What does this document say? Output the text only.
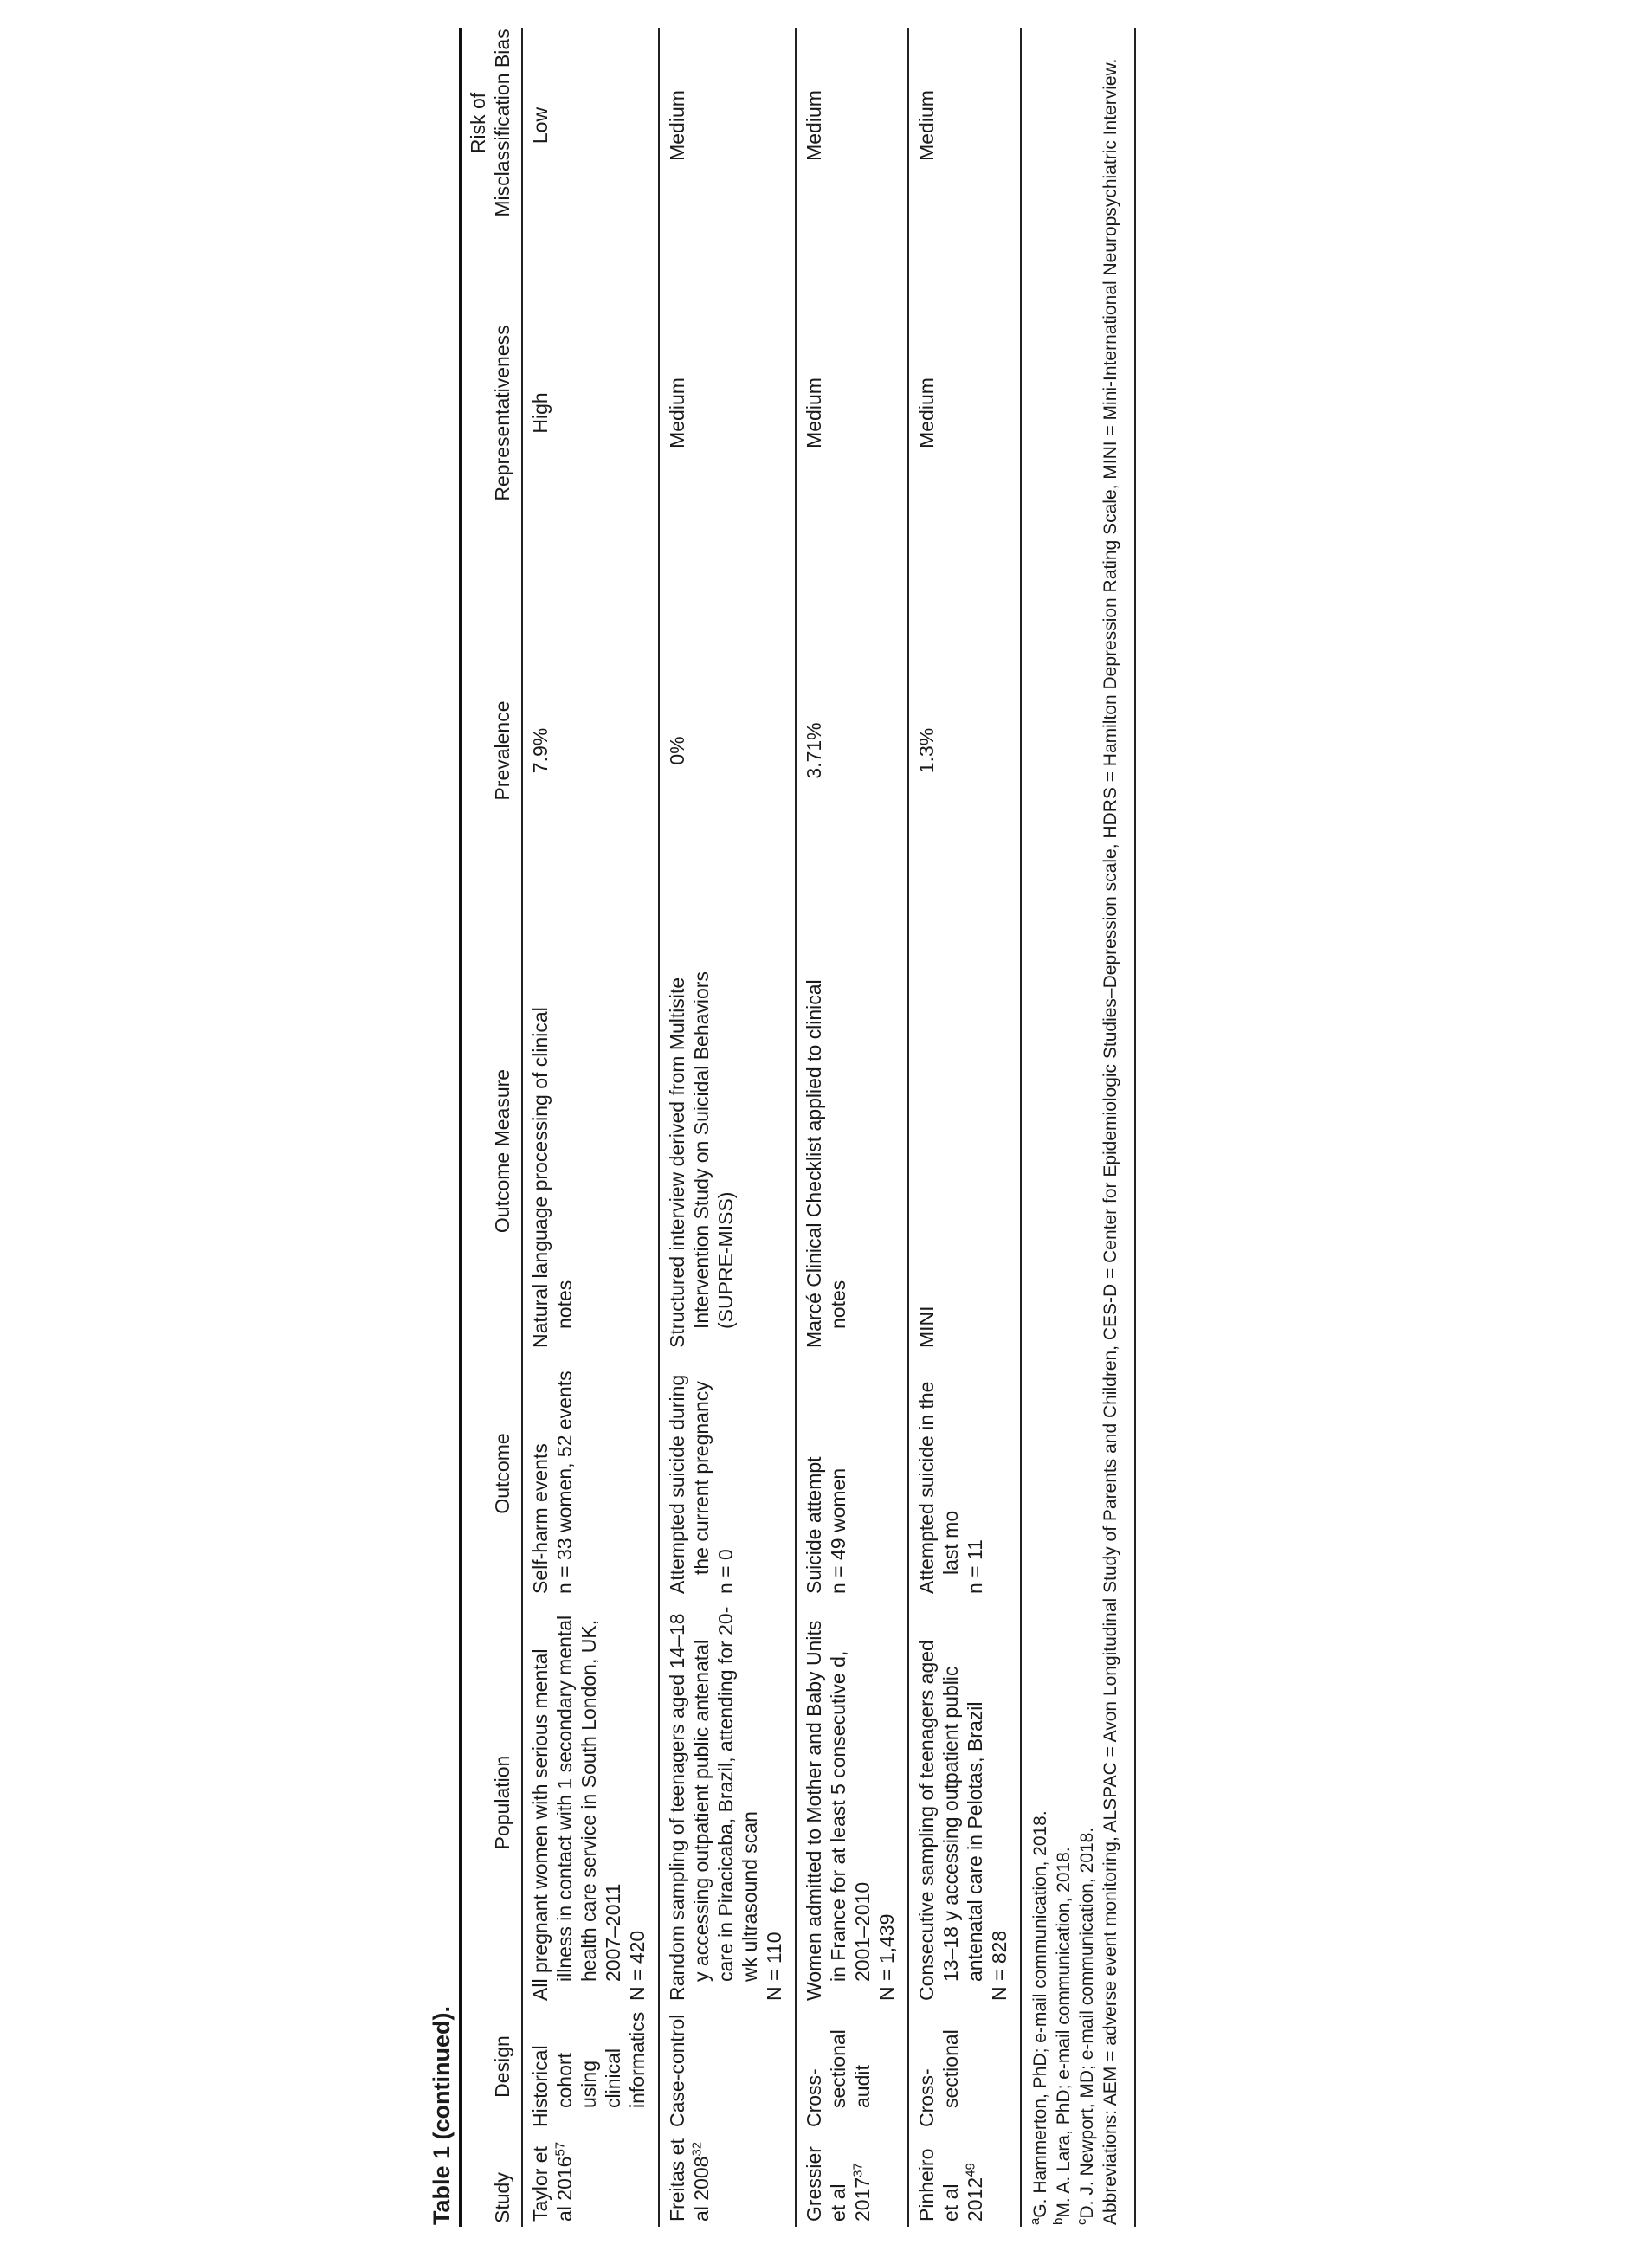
Table 1 (continued). Study	Design	Population	Outcome	Outcome Measure	Prevalence	Representativeness	Risk of Misclassification Bias
Taylor et al 2016$^{57}$	Historical cohort using clinical informatics	All pregnant women with serious mental illness in contact with 1 secondary mental health care service in South London, UK, 2007–2011 N = 420	Self-harm events n = 33 women, 52 events	Natural language processing of clinical notes	7.9%	High	Low
Freitas et al 2008$^{32}$	Case-control	Random sampling of teenagers aged 14–18 y accessing outpatient public antenatal care in Piracicaba, Brazil, attending for 20-wk ultrasound scan N = 110	Attempted suicide during the current pregnancy n = 0	Structured interview derived from Multisite Intervention Study on Suicidal Behaviors (SUPRE-MISS)	0%	Medium	Medium
Gressier et al 2017$^{37}$	Cross-sectional audit	Women admitted to Mother and Baby Units in France for at least 5 consecutive d, 2001–2010 N = 1,439	Suicide attempt n = 49 women	Marcé Clinical Checklist applied to clinical notes	3.71%	Medium	Medium
Pinheiro et al 2012$^{49}$	Cross-sectional	Consecutive sampling of teenagers aged 13–18 y accessing outpatient public antenatal care in Pelotas, Brazil N = 828	Attempted suicide in the last mo n = 11	MINI	1.3%	Medium	Medium

$^a$G. Hammerton, PhD; e-mail communication, 2018.

$^b$M. A. Lara, PhD; e-mail communication, 2018.

$^c$D. J. Newport, MD; e-mail communication, 2018. Abbreviations: AEM = adverse event monitoring, ALSPAC = Avon Longitudinal Study of Parents and Children, CES-D = Center for Epidemiologic Studies–Depression scale, HDRS = Hamilton Depression Rating Scale, MINI = Mini-International Neuropsychiatric Interview.
